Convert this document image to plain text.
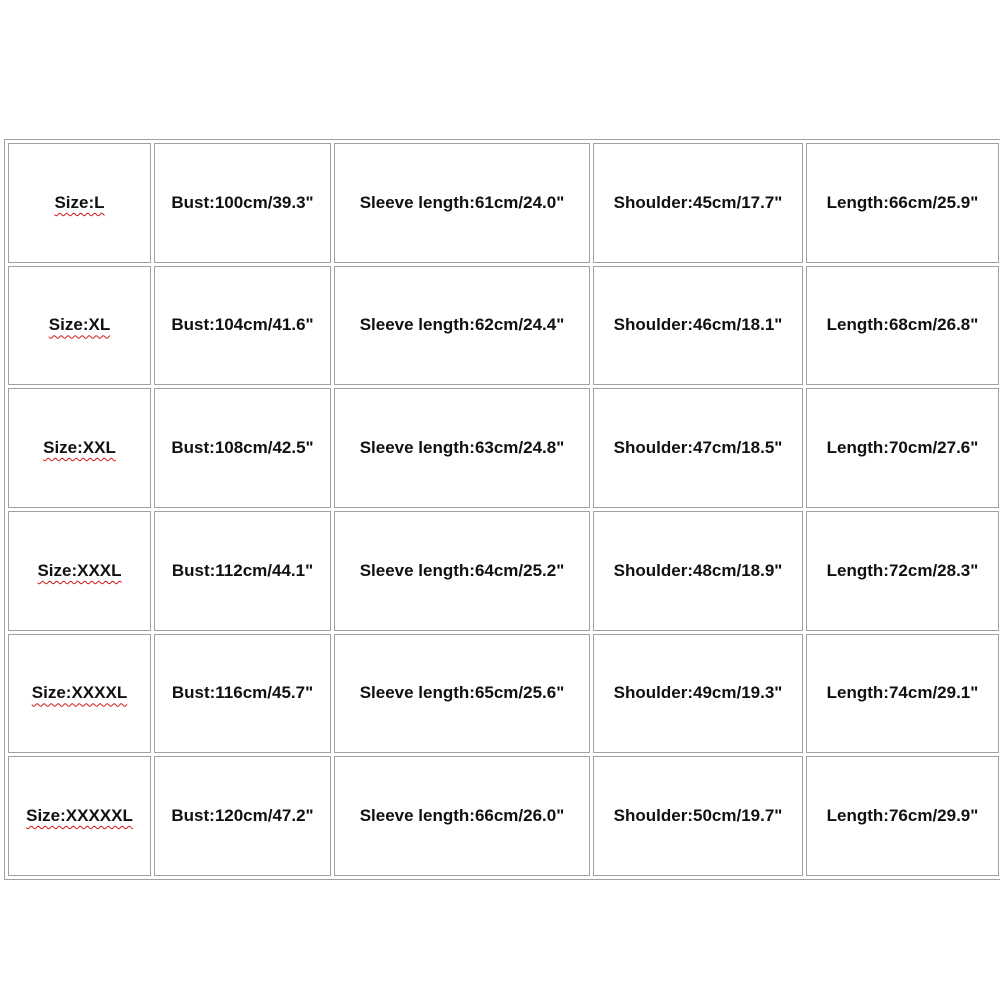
Size:L	Bust:100cm/39.3"	Sleeve length:61cm/24.0"	Shoulder:45cm/17.7"	Length:66cm/25.9"
Size:XL	Bust:104cm/41.6"	Sleeve length:62cm/24.4"	Shoulder:46cm/18.1"	Length:68cm/26.8"
Size:XXL	Bust:108cm/42.5"	Sleeve length:63cm/24.8"	Shoulder:47cm/18.5"	Length:70cm/27.6"
Size:XXXL	Bust:112cm/44.1"	Sleeve length:64cm/25.2"	Shoulder:48cm/18.9"	Length:72cm/28.3"
Size:XXXXL	Bust:116cm/45.7"	Sleeve length:65cm/25.6"	Shoulder:49cm/19.3"	Length:74cm/29.1"
Size:XXXXXL	Bust:120cm/47.2"	Sleeve length:66cm/26.0"	Shoulder:50cm/19.7"	Length:76cm/29.9"
